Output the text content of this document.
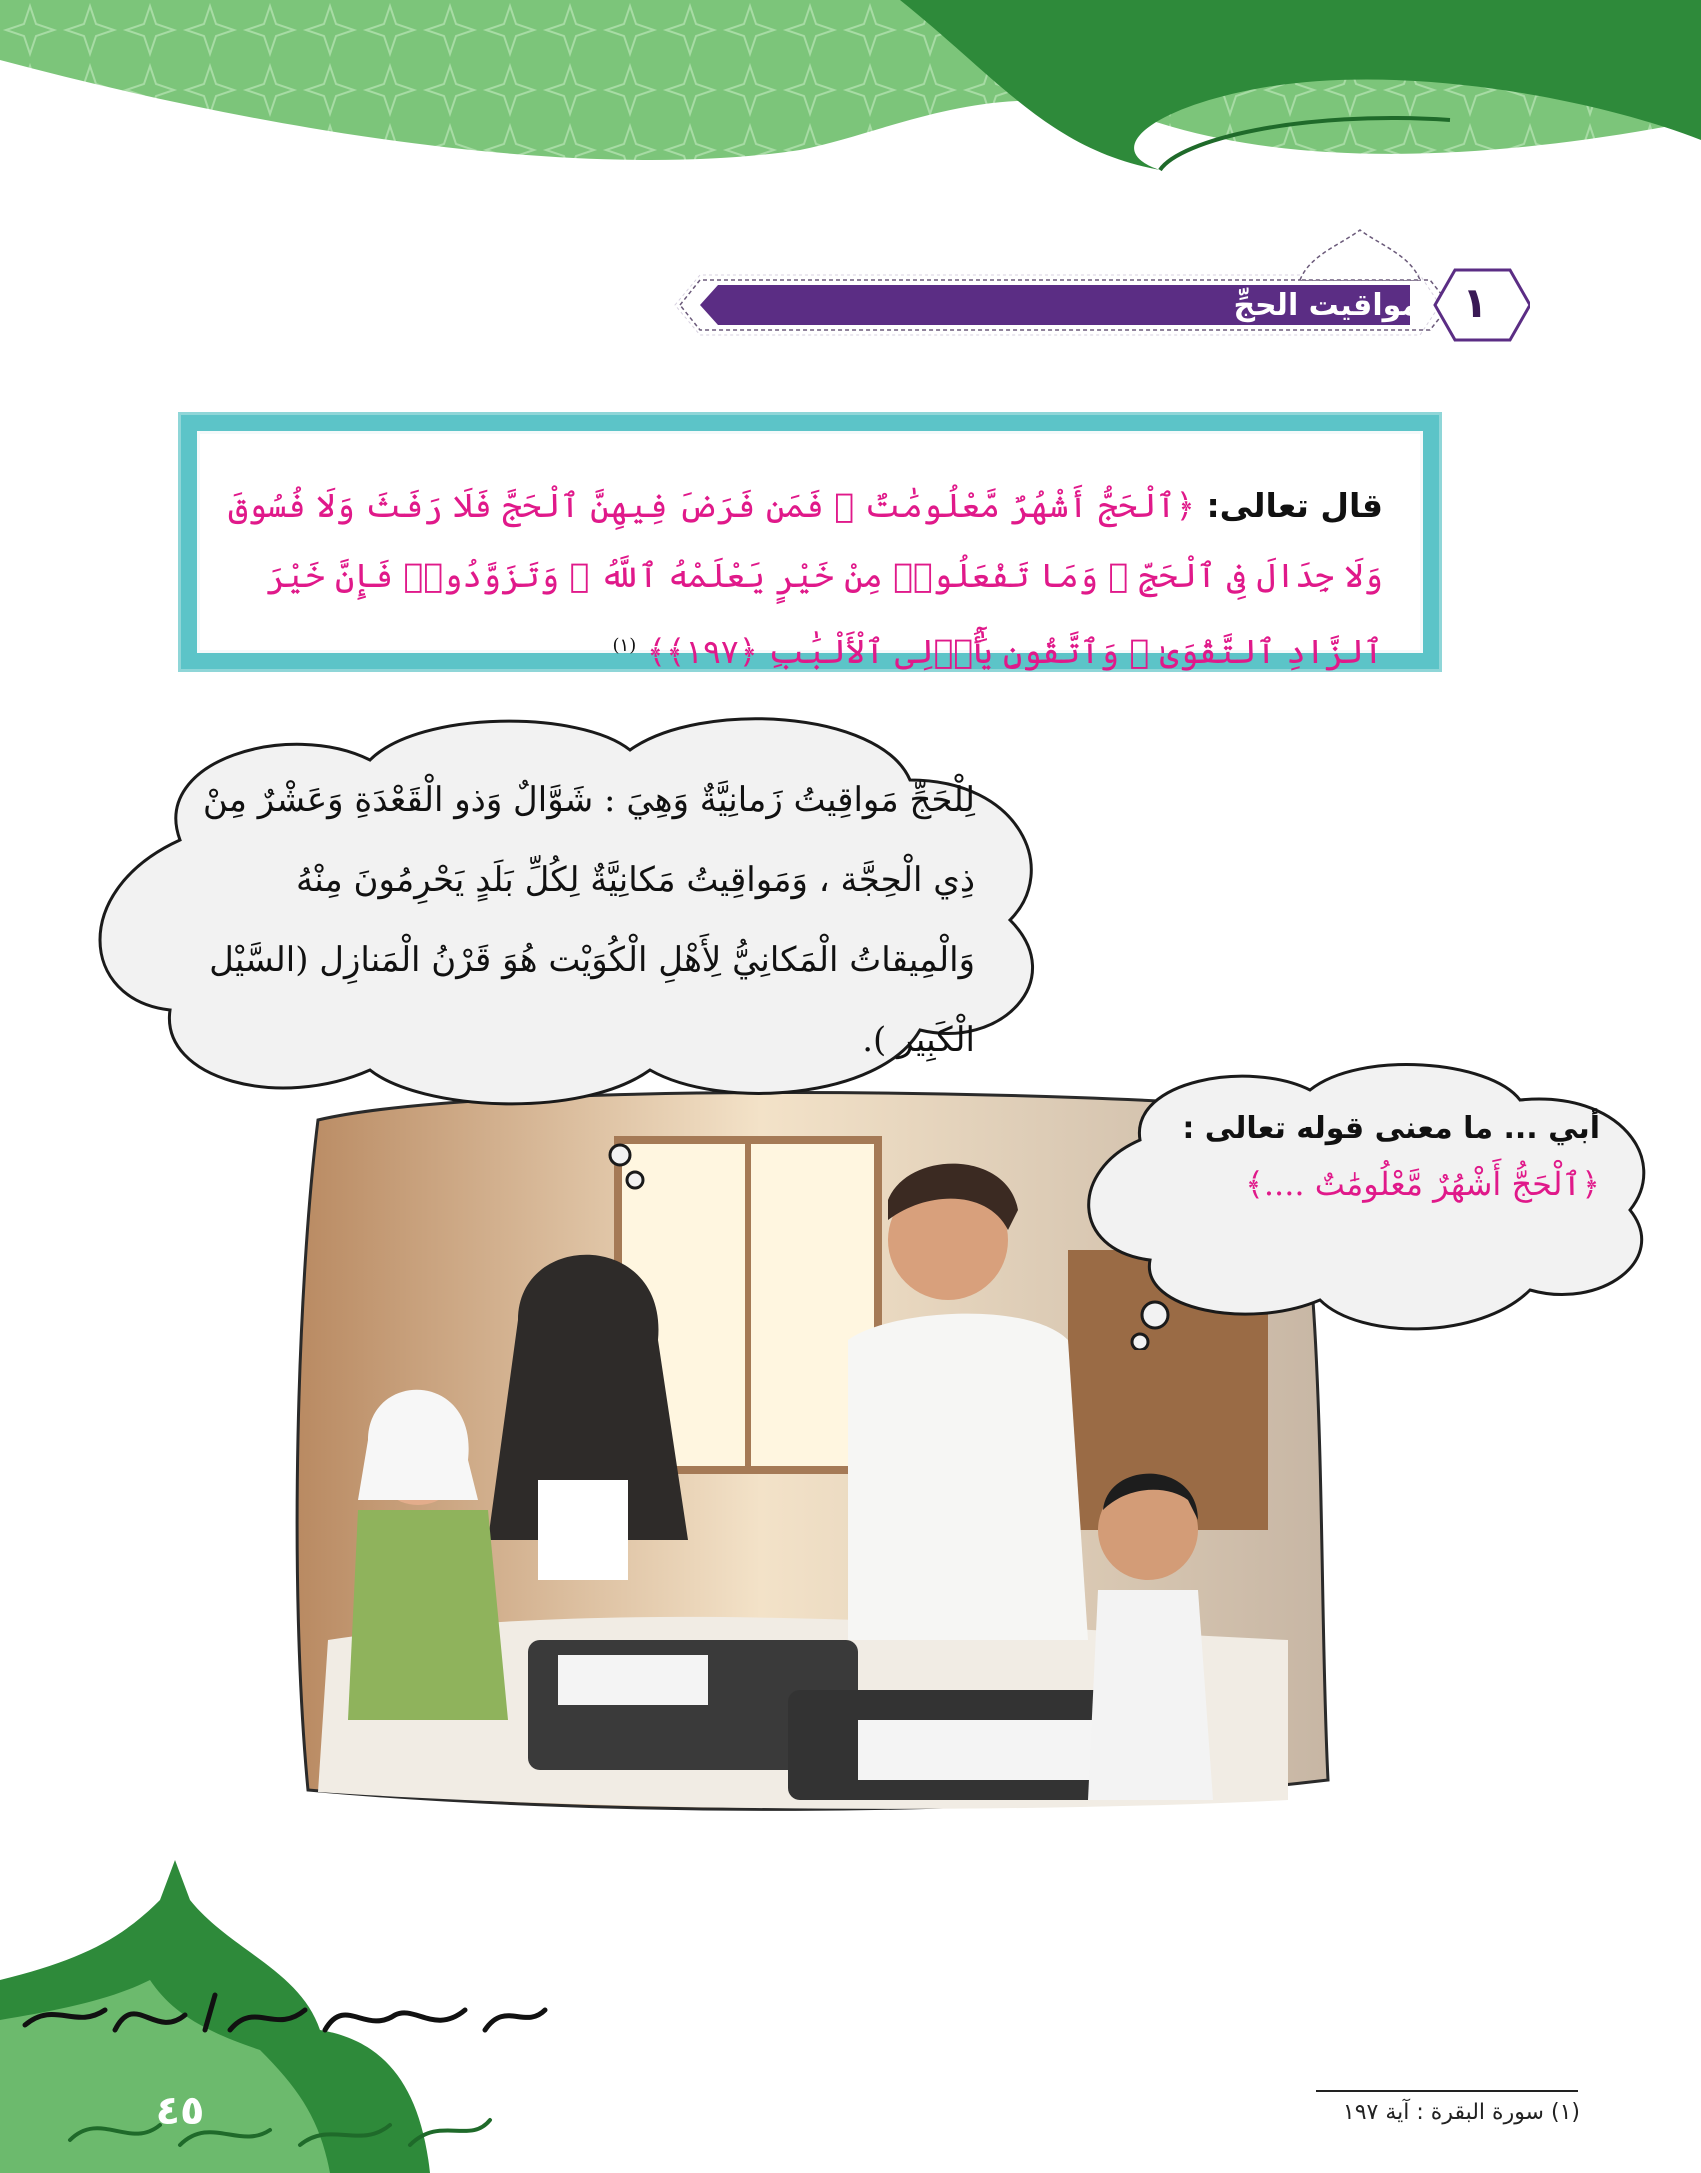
مواقيت الحجِّ	١
قال تعالى: ﴿ٱلْحَجُّ أَشْهُرٌ مَّعْلُومَٰتٌ ۚ فَمَن فَرَضَ فِيهِنَّ ٱلْحَجَّ فَلَا رَفَثَ وَلَا فُسُوقَ وَلَا جِدَالَ فِى ٱلْحَجِّ ۗ وَمَا تَفْعَلُوا۟ مِنْ خَيْرٍ يَعْلَمْهُ ٱللَّهُ ۗ وَتَزَوَّدُوا۟ فَإِنَّ خَيْرَ ٱلزَّادِ ٱلتَّقْوَىٰ ۚ وَٱتَّقُونِ يَٰٓأُو۟لِى ٱلْأَلْبَٰبِ ﴿١٩٧﴾﴾ $^{(١)}$
لِلْحَجِّ مَواقِيتُ زَمانِيَّةٌ وَهِيَ : شَوَّالٌ وَذو الْقَعْدَةِ وَعَشْرٌ مِنْ ذِي الْحِجَّة ، وَمَواقِيتُ مَكانِيَّةٌ لِكُلِّ بَلَدٍ يَحْرِمُونَ مِنْهُ وَالْمِيقاتُ الْمَكانِيُّ لِأَهْلِ الْكُوَيْت هُوَ قَرْنُ الْمَنازِل (السَّيْل الْكَبِير ).
أبي ... ما معنى قوله تعالى :
﴿ٱلْحَجُّ أَشْهُرٌ مَّعْلُومَٰتٌ ....﴾
(١) سورة البقرة : آية ١٩٧
٤٥
